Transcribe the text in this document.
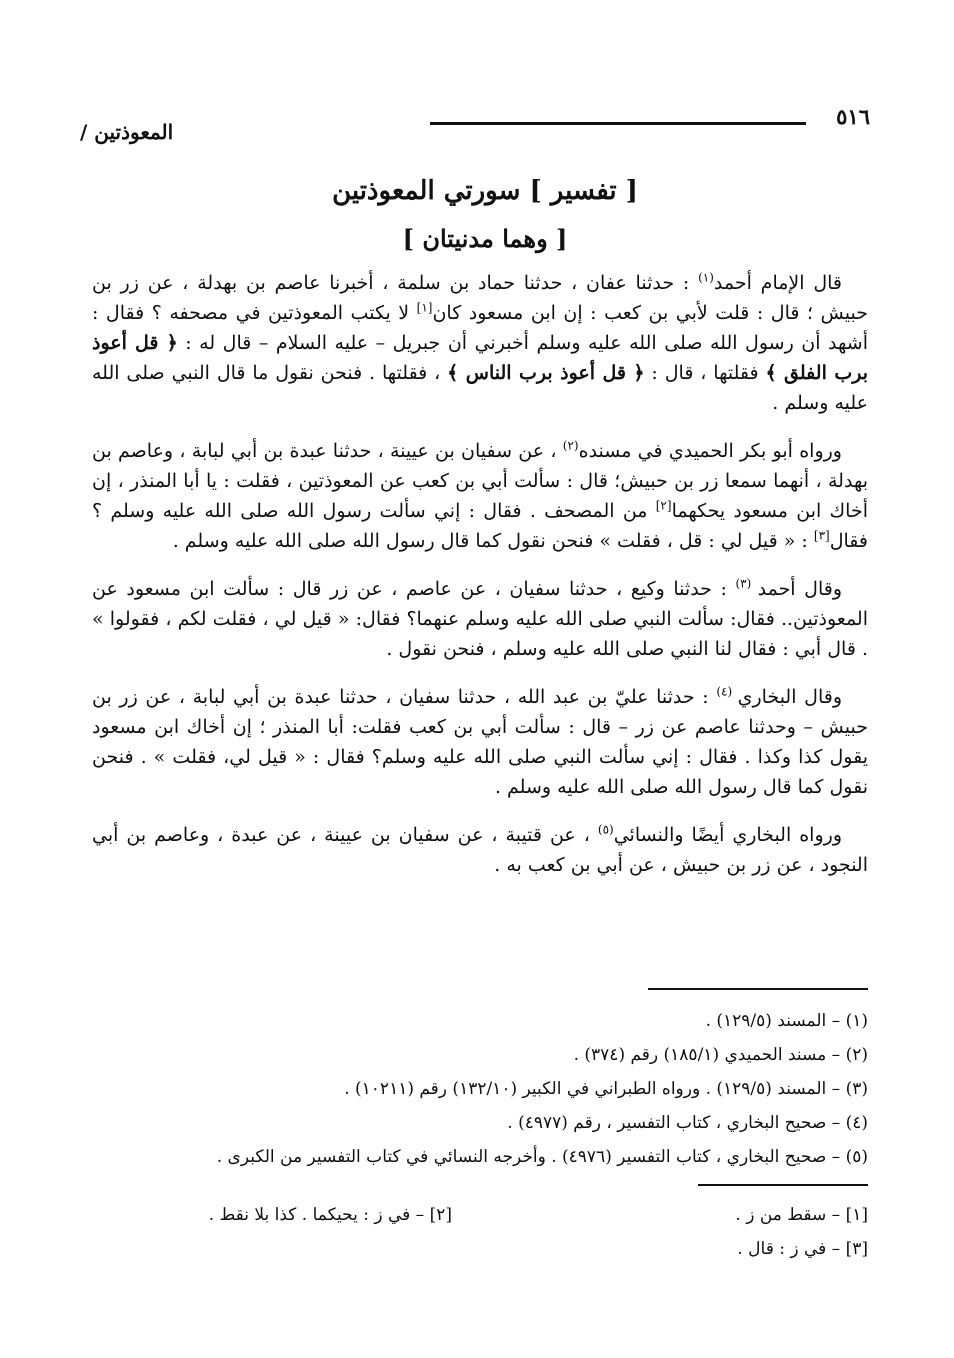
٥١٦
المعوذتين /
[ تفسير ] سورتي المعوذتين
[ وهما مدنيتان ]

قال الإمام أحمد$^{(١)}$ : حدثنا عفان ، حدثنا حماد بن سلمة ، أخبرنا عاصم بن بهدلة ، عن زر بن حبيش ؛ قال : قلت لأبي بن كعب : إن ابن مسعود كان[١] لا يكتب المعوذتين في مصحفه ؟ فقال : أشهد أن رسول الله صلى الله عليه وسلم أخبرني أن جبريل – عليه السلام – قال له : ﴿ قل أعوذ برب الفلق ﴾ فقلتها ، قال : ﴿ قل أعوذ برب الناس ﴾ ، فقلتها . فنحن نقول ما قال النبي صلى الله عليه وسلم .

ورواه أبو بكر الحميدي في مسنده$^{(٢)}$ ، عن سفيان بن عيينة ، حدثنا عبدة بن أبي لبابة ، وعاصم بن بهدلة ، أنهما سمعا زر بن حبيش؛ قال : سألت أبي بن كعب عن المعوذتين ، فقلت : يا أبا المنذر ، إن أخاك ابن مسعود يحكهما[٢] من المصحف . فقال : إني سألت رسول الله صلى الله عليه وسلم ؟ فقال[٣] : « قيل لي : قل ، فقلت » فنحن نقول كما قال رسول الله صلى الله عليه وسلم .

وقال أحمد $^{(٣)}$ : حدثنا وكيع ، حدثنا سفيان ، عن عاصم ، عن زر قال : سألت ابن مسعود عن المعوذتين.. فقال: سألت النبي صلى الله عليه وسلم عنهما؟ فقال: « قيل لي ، فقلت لكم ، فقولوا » . قال أبي : فقال لنا النبي صلى الله عليه وسلم ، فنحن نقول .

وقال البخاري $^{(٤)}$ : حدثنا عليّ بن عبد الله ، حدثنا سفيان ، حدثنا عبدة بن أبي لبابة ، عن زر بن حبيش – وحدثنا عاصم عن زر – قال : سألت أبي بن كعب فقلت: أبا المنذر ؛ إن أخاك ابن مسعود يقول كذا وكذا . فقال : إني سألت النبي صلى الله عليه وسلم؟ فقال : « قيل لي، فقلت » . فنحن نقول كما قال رسول الله صلى الله عليه وسلم .

ورواه البخاري أيضًا والنسائي$^{(٥)}$ ، عن قتيبة ، عن سفيان بن عيينة ، عن عبدة ، وعاصم بن أبي النجود ، عن زر بن حبيش ، عن أبي بن كعب به .

(١) – المسند (١٢٩/٥) .
(٢) – مسند الحميدي (١٨٥/١) رقم (٣٧٤) .
(٣) – المسند (١٢٩/٥) . ورواه الطبراني في الكبير (١٣٢/١٠) رقم (١٠٢١١) .
(٤) – صحيح البخاري ، كتاب التفسير ، رقم (٤٩٧٧) .
(٥) – صحيح البخاري ، كتاب التفسير (٤٩٧٦) . وأخرجه النسائي في كتاب التفسير من الكبرى .
[١] – سقط من ز .
[٢] – في ز : يحيكما . كذا بلا نقط .
[٣] – في ز : قال .
